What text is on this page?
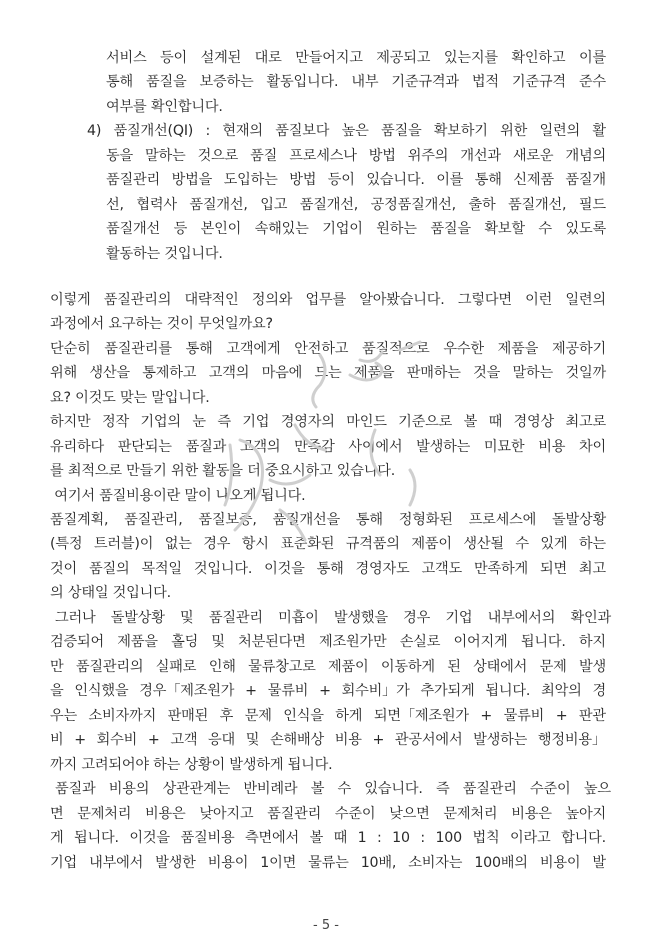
서비스 등이 설계된 대로 만들어지고 제공되고 있는지를 확인하고 이를
통해 품질을 보증하는 활동입니다. 내부 기준규격과 법적 기준규격 준수
여부를 확인합니다.
4) 품질개선(QI) : 현재의 품질보다 높은 품질을 확보하기 위한 일련의 활
동을 말하는 것으로 품질 프로세스나 방법 위주의 개선과 새로운 개념의
품질관리 방법을 도입하는 방법 등이 있습니다. 이를 통해 신제품 품질개
선, 협력사 품질개선, 입고 품질개선, 공정품질개선, 출하 품질개선, 필드
품질개선 등 본인이 속해있는 기업이 원하는 품질을 확보할 수 있도록
활동하는 것입니다.
이렇게 품질관리의 대략적인 정의와 업무를 알아봤습니다. 그렇다면 이런 일련의
과정에서 요구하는 것이 무엇일까요?
단순히 품질관리를 통해 고객에게 안전하고 품질적으로 우수한 제품을 제공하기
위해 생산을 통제하고 고객의 마음에 드는 제품을 판매하는 것을 말하는 것일까
요? 이것도 맞는 말입니다.
하지만 정작 기업의 눈 즉 기업 경영자의 마인드 기준으로 볼 때 경영상 최고로
유리하다 판단되는 품질과 고객의 만족감 사이에서 발생하는 미묘한 비용 차이
를 최적으로 만들기 위한 활동을 더 중요시하고 있습니다.
여기서 품질비용이란 말이 나오게 됩니다.
품질계획, 품질관리, 품질보증, 품질개선을 통해 정형화된 프로세스에 돌발상황
(특정 트러블)이 없는 경우 항시 표준화된 규격품의 제품이 생산될 수 있게 하는
것이 품질의 목적일 것입니다. 이것을 통해 경영자도 고객도 만족하게 되면 최고
의 상태일 것입니다.
그러나 돌발상황 및 품질관리 미흡이 발생했을 경우 기업 내부에서의 확인과
검증되어 제품을 홀딩 및 처분된다면 제조원가만 손실로 이어지게 됩니다. 하지
만 품질관리의 실패로 인해 물류창고로 제품이 이동하게 된 상태에서 문제 발생
을 인식했을 경우「제조원가 + 물류비 + 회수비」가 추가되게 됩니다. 최악의 경
우는 소비자까지 판매된 후 문제 인식을 하게 되면「제조원가 + 물류비 + 판관
비 + 회수비 + 고객 응대 및 손해배상 비용 + 관공서에서 발생하는 행정비용」
까지 고려되어야 하는 상황이 발생하게 됩니다.
품질과 비용의 상관관계는 반비례라 볼 수 있습니다. 즉 품질관리 수준이 높으
면 문제처리 비용은 낮아지고 품질관리 수준이 낮으면 문제처리 비용은 높아지
게 됩니다. 이것을 품질비용 측면에서 볼 때 1 : 10 : 100 법칙 이라고 합니다.
기업 내부에서 발생한 비용이 1이면 물류는 10배, 소비자는 100배의 비용이 발
- 5 -
